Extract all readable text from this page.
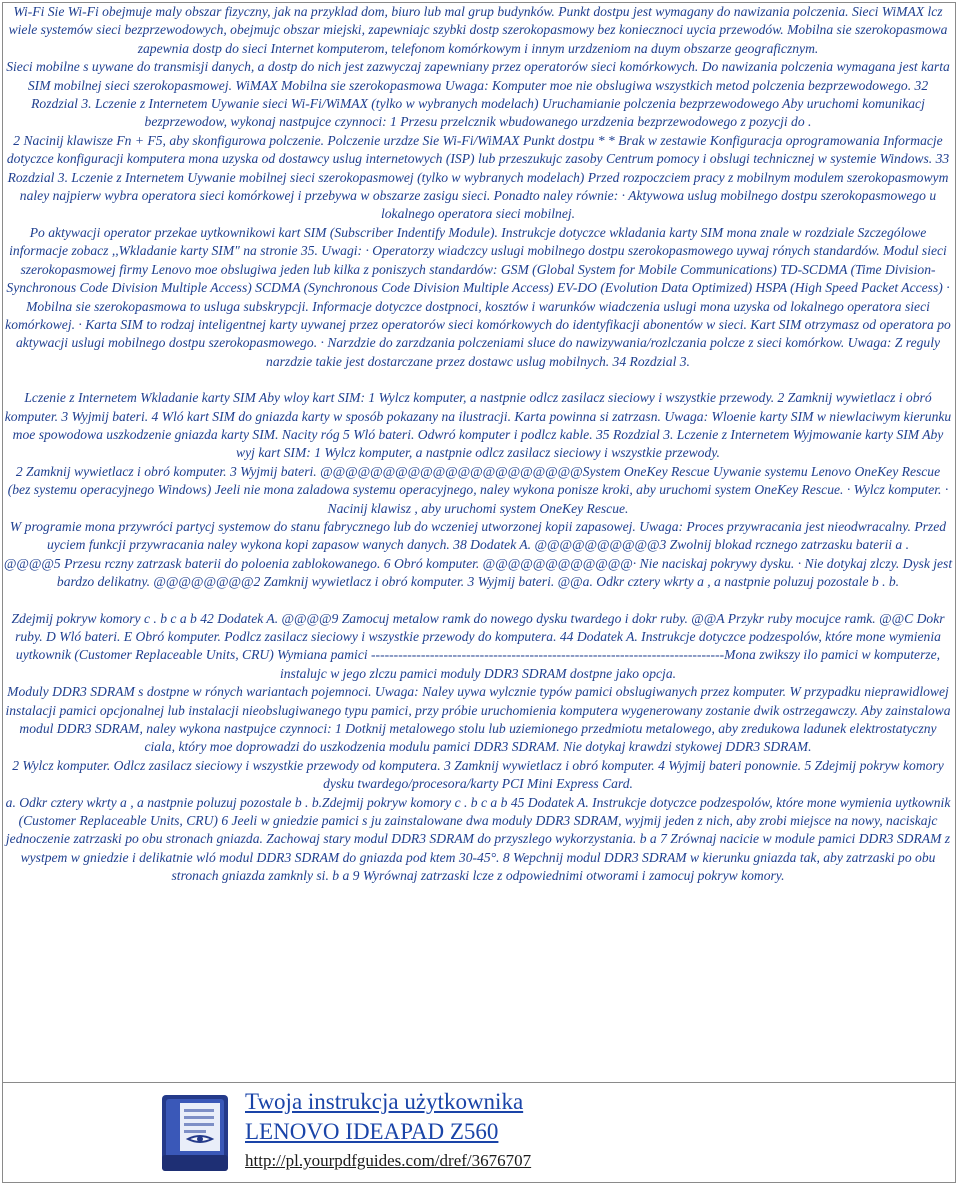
Wi-Fi Sie Wi-Fi obejmuje maly obszar fizyczny, jak na przyklad dom, biuro lub mal grup budynków. Punkt dostpu jest wymagany do nawizania polczenia. Sieci WiMAX lcz wiele systemów sieci bezprzewodowych, obejmujc obszar miejski, zapewniajc szybki dostp szerokopasmowy bez koniecznoci uycia przewodów. Mobilna sie szerokopasmowa zapewnia dostp do sieci Internet komputerom, telefonom komórkowym i innym urzdzeniom na duym obszarze geograficznym.

Sieci mobilne s uywane do transmisji danych, a dostp do nich jest zazwyczaj zapewniany przez operatorów sieci komórkowych. Do nawizania polczenia wymagana jest karta SIM mobilnej sieci szerokopasmowej. WiMAX Mobilna sie szerokopasmowa Uwaga: Komputer moe nie obslugiwa wszystkich metod polczenia bezprzewodowego. 32 Rozdzial 3. Lczenie z Internetem Uywanie sieci Wi-Fi/WiMAX (tylko w wybranych modelach) Uruchamianie polczenia bezprzewodowego Aby uruchomi komunikacj bezprzewodow, wykonaj nastpujce czynnoci: 1 Przesu przelcznik wbudowanego urzdzenia bezprzewodowego z pozycji do .

2 Nacinij klawisze Fn + F5, aby skonfigurowa polczenie. Polczenie urzdze Sie Wi-Fi/WiMAX Punkt dostpu * * Brak w zestawie Konfiguracja oprogramowania Informacje dotyczce konfiguracji komputera mona uzyska od dostawcy uslug internetowych (ISP) lub przeszukujc zasoby Centrum pomocy i obslugi technicznej w systemie Windows. 33 Rozdzial 3. Lczenie z Internetem Uywanie mobilnej sieci szerokopasmowej (tylko w wybranych modelach) Przed rozpoczciem pracy z mobilnym modulem szerokopasmowym naley najpierw wybra operatora sieci komórkowej i przebywa w obszarze zasigu sieci. Ponadto naley równie: · Aktywowa uslug mobilnego dostpu szerokopasmowego u lokalnego operatora sieci mobilnej.

Po aktywacji operator przekae uytkownikowi kart SIM (Subscriber Indentify Module). Instrukcje dotyczce wkladania karty SIM mona znale w rozdziale Szczególowe informacje zobacz ,,Wkladanie karty SIM" na stronie 35. Uwagi: · Operatorzy wiadczcy uslugi mobilnego dostpu szerokopasmowego uywaj rónych standardów. Modul sieci szerokopasmowej firmy Lenovo moe obslugiwa jeden lub kilka z poniszych standardów: GSM (Global System for Mobile Communications) TD-SCDMA (Time Division-Synchronous Code Division Multiple Access) SCDMA (Synchronous Code Division Multiple Access) EV-DO (Evolution Data Optimized) HSPA (High Speed Packet Access) · Mobilna sie szerokopasmowa to usluga subskrypcji. Informacje dotyczce dostpnoci, kosztów i warunków wiadczenia uslugi mona uzyska od lokalnego operatora sieci komórkowej. · Karta SIM to rodzaj inteligentnej karty uywanej przez operatorów sieci komórkowych do identyfikacji abonentów w sieci. Kart SIM otrzymasz od operatora po aktywacji uslugi mobilnego dostpu szerokopasmowego. · Narzdzie do zarzdzania polczeniami sluce do nawizywania/rozlczania polcze z sieci komórkow. Uwaga: Z reguly narzdzie takie jest dostarczane przez dostawc uslug mobilnych. 34 Rozdzial 3.

Lczenie z Internetem Wkladanie karty SIM Aby wloy kart SIM: 1 Wylcz komputer, a nastpnie odlcz zasilacz sieciowy i wszystkie przewody. 2 Zamknij wywietlacz i obró komputer. 3 Wyjmij bateri. 4 Wló kart SIM do gniazda karty w sposób pokazany na ilustracji. Karta powinna si zatrzasn. Uwaga: Wloenie karty SIM w niewlaciwym kierunku moe spowodowa uszkodzenie gniazda karty SIM. Nacity róg 5 Wló bateri. Odwró komputer i podlcz kable. 35 Rozdzial 3. Lczenie z Internetem Wyjmowanie karty SIM Aby wyj kart SIM: 1 Wylcz komputer, a nastpnie odlcz zasilacz sieciowy i wszystkie przewody.

2 Zamknij wywietlacz i obró komputer. 3 Wyjmij bateri. @@@@@@@@@@@@@@@@@@@@@System OneKey Rescue Uywanie systemu Lenovo OneKey Rescue (bez systemu operacyjnego Windows) Jeeli nie mona zaladowa systemu operacyjnego, naley wykona ponisze kroki, aby uruchomi system OneKey Rescue. · Wylcz komputer. · Nacinij klawisz , aby uruchomi system OneKey Rescue.

W programie mona przywróci partycj systemow do stanu fabrycznego lub do wczeniej utworzonej kopii zapasowej. Uwaga: Proces przywracania jest nieodwracalny. Przed uyciem funkcji przywracania naley wykona kopi zapasow wanych danych. 38 Dodatek A. @@@@@@@@@@3 Zwolnij blokad rcznego zatrzasku baterii a .

@@@@5 Przesu rczny zatrzask baterii do poloenia zablokowanego. 6 Obró komputer. @@@@@@@@@@@@· Nie naciskaj pokrywy dysku. · Nie dotykaj zlczy. Dysk jest bardzo delikatny. @@@@@@@@2 Zamknij wywietlacz i obró komputer. 3 Wyjmij bateri. @@a. Odkr cztery wkrty a , a nastpnie poluzuj pozostale b . b.

Zdejmij pokryw komory c . b c a b 42 Dodatek A. @@@@9 Zamocuj metalow ramk do nowego dysku twardego i dokr ruby. @@A Przykr ruby mocujce ramk. @@C Dokr ruby. D Wló bateri. E Obró komputer. Podlcz zasilacz sieciowy i wszystkie przewody do komputera. 44 Dodatek A. Instrukcje dotyczce podzespolów, które mone wymienia uytkownik (Customer Replaceable Units, CRU) Wymiana pamici ------------------------------------------------------------------------------Mona zwikszy ilo pamici w komputerze, instalujc w jego zlczu pamici moduly DDR3 SDRAM dostpne jako opcja.

Moduly DDR3 SDRAM s dostpne w rónych wariantach pojemnoci. Uwaga: Naley uywa wylcznie typów pamici obslugiwanych przez komputer. W przypadku nieprawidlowej instalacji pamici opcjonalnej lub instalacji nieobslugiwanego typu pamici, przy próbie uruchomienia komputera wygenerowany zostanie dwik ostrzegawczy. Aby zainstalowa modul DDR3 SDRAM, naley wykona nastpujce czynnoci: 1 Dotknij metalowego stolu lub uziemionego przedmiotu metalowego, aby zredukowa ladunek elektrostatyczny ciala, który moe doprowadzi do uszkodzenia modulu pamici DDR3 SDRAM. Nie dotykaj krawdzi stykowej DDR3 SDRAM.

2 Wylcz komputer. Odlcz zasilacz sieciowy i wszystkie przewody od komputera. 3 Zamknij wywietlacz i obró komputer. 4 Wyjmij bateri ponownie. 5 Zdejmij pokryw komory dysku twardego/procesora/karty PCI Mini Express Card.

a. Odkr cztery wkrty a , a nastpnie poluzuj pozostale b . b.Zdejmij pokryw komory c . b c a b 45 Dodatek A. Instrukcje dotyczce podzespolów, które mone wymienia uytkownik (Customer Replaceable Units, CRU) 6 Jeeli w gniedzie pamici s ju zainstalowane dwa moduly DDR3 SDRAM, wyjmij jeden z nich, aby zrobi miejsce na nowy, naciskajc jednoczenie zatrzaski po obu stronach gniazda. Zachowaj stary modul DDR3 SDRAM do przyszlego wykorzystania. b a 7 Zrównaj nacicie w module pamici DDR3 SDRAM z wystpem w gniedzie i delikatnie wló modul DDR3 SDRAM do gniazda pod ktem 30-45°. 8 Wepchnij modul DDR3 SDRAM w kierunku gniazda tak, aby zatrzaski po obu stronach gniazda zamknly si. b a 9 Wyrównaj zatrzaski lcze z odpowiednimi otworami i zamocuj pokryw komory.

Twoja instrukcja użytkownika
LENOVO IDEAPAD Z560
http://pl.yourpdfguides.com/dref/3676707
